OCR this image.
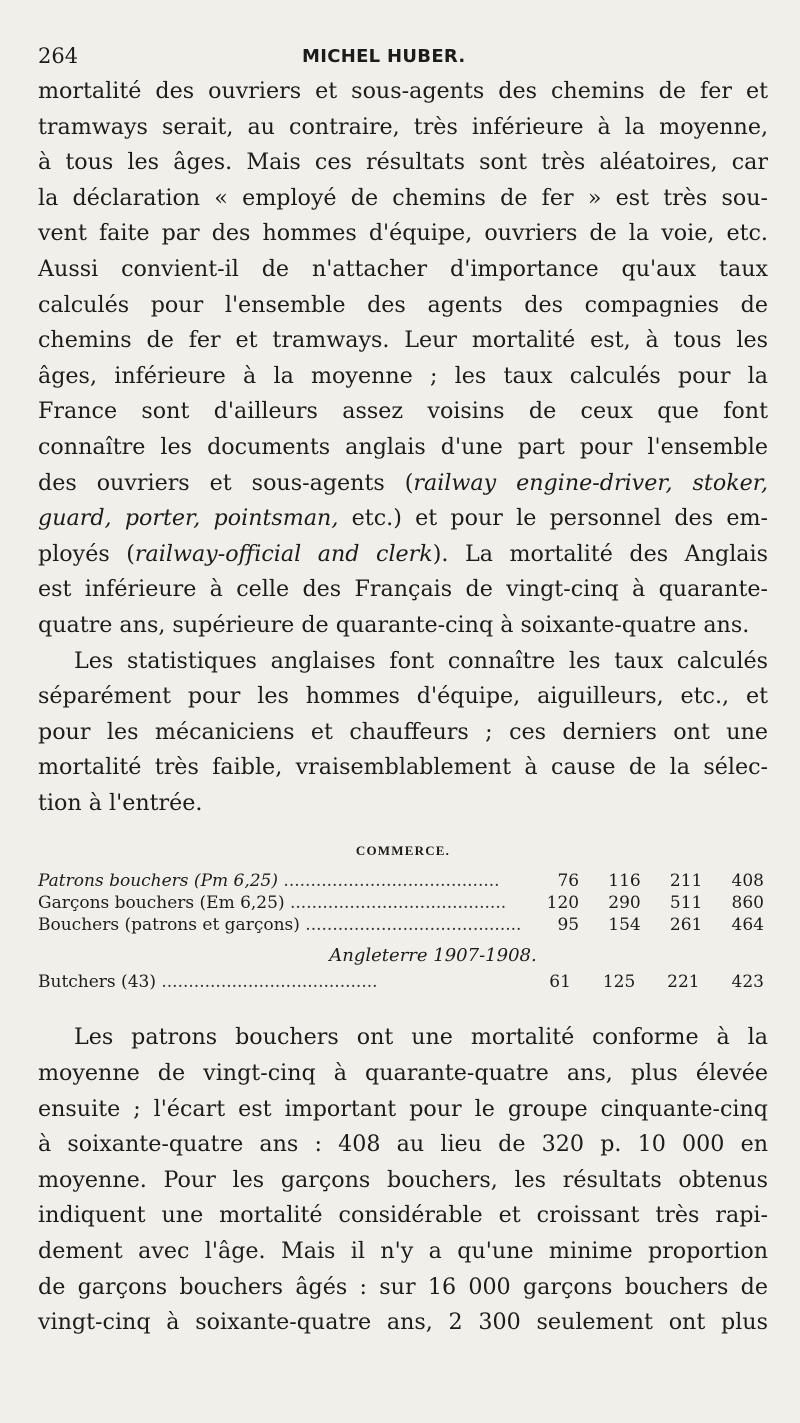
264	MICHEL HUBER.

mortalité des ouvriers et sous-agents des chemins de fer et
tramways serait, au contraire, très inférieure à la moyenne,
à tous les âges. Mais ces résultats sont très aléatoires, car
la déclaration « employé de chemins de fer » est très sou-
vent faite par des hommes d'équipe, ouvriers de la voie, etc.
Aussi convient-il de n'attacher d'importance qu'aux taux
calculés pour l'ensemble des agents des compagnies de
chemins de fer et tramways. Leur mortalité est, à tous les
âges, inférieure à la moyenne ; les taux calculés pour la
France sont d'ailleurs assez voisins de ceux que font
connaître les documents anglais d'une part pour l'ensemble
des ouvriers et sous-agents (railway engine-driver, stoker,
guard, porter, pointsman, etc.) et pour le personnel des em-
ployés (railway-official and clerk). La mortalité des Anglais
est inférieure à celle des Français de vingt-cinq à quarante-
quatre ans, supérieure de quarante-cinq à soixante-quatre ans.

Les statistiques anglaises font connaître les taux calculés
séparément pour les hommes d'équipe, aiguilleurs, etc., et
pour les mécaniciens et chauffeurs ; ces derniers ont une
mortalité très faible, vraisemblablement à cause de la sélec-
tion à l'entrée.

COMMERCE.
Patrons bouchers (Pm 6,25) ........................................	76	116	211	408
Garçons bouchers (Em 6,25) ........................................	120	290	511	860
Bouchers (patrons et garçons) ........................................	95	154	261	464
Angleterre 1907-1908.
Butchers (43) ........................................	61	125	221	423

Les patrons bouchers ont une mortalité conforme à la
moyenne de vingt-cinq à quarante-quatre ans, plus élevée
ensuite ; l'écart est important pour le groupe cinquante-cinq
à soixante-quatre ans : 408 au lieu de 320 p. 10 000 en
moyenne. Pour les garçons bouchers, les résultats obtenus
indiquent une mortalité considérable et croissant très rapi-
dement avec l'âge. Mais il n'y a qu'une minime proportion
de garçons bouchers âgés : sur 16 000 garçons bouchers de
vingt-cinq à soixante-quatre ans, 2 300 seulement ont plus
